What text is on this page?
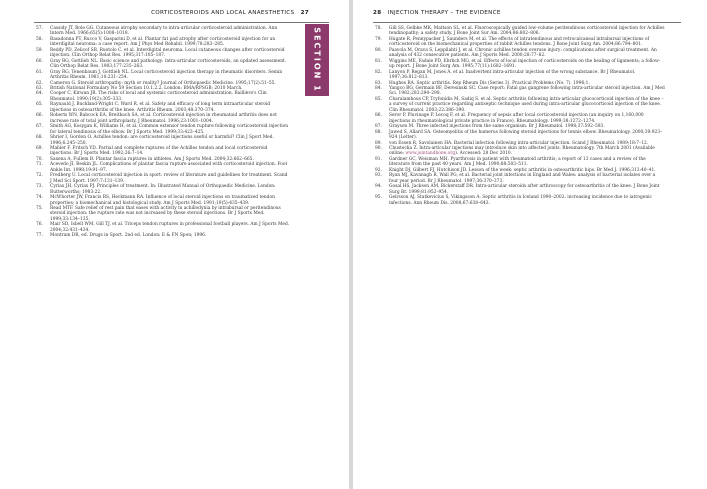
CORTICOSTEROIDS AND LOCAL ANAESTHETICS 27
SECTION 1
57.	Cassidy JT, Bole GG. Cutaneous atrophy secondary to intra-articular corticosteroid administration. Ann Intern Med. 1966;65(5):1008–1018.
58.	Basadonna PT, Rucco V, Gasparini D, et al. Plantar fat pad atrophy after corticosteroid injection for an interdigital neuroma: a case report. Am J Phys Med Rehabil. 1999;78:283–285.
59.	Reddy PD, Zelicof SB, Ruotolo C, et al. Interdigital neuroma. Local cutaneous changes after corticosteroid injection. Clin Orthop Relat Res. 1995;317:185–187.
60.	Gray RG, Gottlieb NL. Basic science and pathology: intra-articular corticosteroids, an updated assessment. Clin Orthop Relat Res. 1983;177:235–263.
61.	Gray RG, Tenenbaum J, Gottlieb NL. Local corticosteroid injection therapy in rheumatic disorders. Semin Arthritis Rheum. 1981;10:231–254.
62.	Cameron G. Steroid arthropathy: myth or reality? Journal of Orthopaedic Medicine. 1995;17(2):51–55.
63.	British National Formulary No 59 Section 10.1.2.2. London: BMA/RPSGB; 2010 March.
64.	Cooper C, Kirwan JR. The risks of local and systemic corticosteroid administration. Baillière's Clin Rheumatol. 1990;19(2):305–333.
65.	Raynauld J, Buckland-Wright C, Ward R, et al. Safety and efficacy of long term intraarticular steroid injections in osteoarthritis of the knee. Arthritis Rheum. 2003;48:370–374.
66.	Roberts WN, Babcock EA, Breitbach SA, et al. Corticosteroid injection in rheumatoid arthritis does not increase rate of total joint arthroplasty. J Rheumatol. 1996;23:1001–1004.
67.	Smith AG, Kosygan K, Williams H, et al. Common extensor tendon rupture following corticosteroid injection for lateral tendinosis of the elbow. Br J Sports Med. 1999;33:423–425.
68.	Shrier I, Gordon O. Achilles tendon: are corticosteroid injections useful or harmful? Clin J Sport Med. 1996;6:245–250.
69.	Mahler F, Fritsch YD. Partial and complete ruptures of the Achilles tendon and local corticosteroid injections. Br J Sports Med. 1992;26:7–14.
70.	Saxena A, Fullem B. Plantar fascia ruptures in athletes. Am J Sports Med. 2004;32:662–665.
71.	Acevedo JI, Beskin JL. Complications of plantar fascia rupture associated with corticosteroid injection. Foot Ankle Int. 1998;19:91–97.
72.	Fredberg U. Local corticosteroid injection in sport: review of literature and guidelines for treatment. Scand J Med Sci Sport. 1997;7:131–139.
73.	Cyriax JH, Cyriax PJ. Principles of treatment. In: Illustrated Manual of Orthopaedic Medicine. London: Butterworths; 1983:22.
74.	McWhorter JW, Francis RS, Heckmann RA. Influence of local steroid injections on traumatized tendon properties; a biomechanical and histological study. Am J Sports Med. 1991;19(5):435–439.
75.	Read MTF. Safe relief of rest pain that eases with activity in achillodynia by intrabursal or peritendinous steroid injection: the rupture rate was not increased by these steroid injections. Br J Sports Med. 1999;33:134–135.
76.	Mair SD, Isbell WM, Gill TJ, et al. Triceps tendon ruptures in professional football players. Am J Sports Med. 2004;32:431–434.
77.	Montram DR, ed. Drugs in Sport. 2nd ed. London: E & FN Spon; 1996.
28 INJECTION THERAPY – THE EVIDENCE
78.	Gill SS, Gelbke MK, Mattson SL, et al. Fluoroscopically guided low-volume peritendinous corticosteroid injection for Achilles tendinopathy; a safety study. J Bone Joint Sur Am. 2004;86:802–806.
79.	Hugate R, Pennypacker J, Saunders M, et al. The effects of intratendinous and retrocalcaneal intrabursal injections of corticosteroid on the biomechanical properties of rabbit Achilles tendons. J Bone Joint Surg Am. 2004;86:794–801.
80.	Paavola M, Orava S, Leppilahti J, et al. Chronic achilles tendon overuse injury: complications after surgical treatment. An analysis of 432 consecutive patients. Am J Sports Med. 2000;28:77–82.
81.	Wiggins ME, Fadale PD, Ehrlich MG, et al. Effects of local injection of corticosteroids on the healing of ligaments; a follow-up report. J Bone Joint Surg Am. 1995;77(11):1682–1691.
82.	Lanyon P, Regan M, Jones A, et al. Inadvertent intra-articular injection of the wrong substance. Br J Rheumatol. 1997;36:812–813.
83.	Hughes RA. Septic arthritis. Rep Rheum Dis (Series 3). Practical Problems (No. 7). 1996;1.
84.	Yangco BG, Germain BF, Deresinski SC. Case report: Fatal gas gangrene following intra-articular steroid injection. Am J Med Sci. 1982;283:294–298.
85.	Charalambous CP, Tryfonidis M, Sadiq S, et al. Septic arthritis following intra-articular glucocorticoid injection of the knee – a survey of current practice regarding antiseptic technique used during intra-articular glucocorticoid injection of the knee. Clin Rheumatol. 2003;22:386–390.
86.	Seror P, Pluvinage P, Lecoq F, et al. Frequency of sepsis after local corticosteroid injection (an inquiry on 1,160,000 injections in rheumatological private practice in France). Rheumatology. 1999;38:1272–1274.
87.	Grayson M. Three infected injections from the same organism. Br J Rheumatol. 1998;37:592–593.
88.	Jawed S, Allard SA. Osteomyelitis of the humerus following steroid injections for tennis elbow. Rheumatology. 2000;39:923–924 (Letter).
89.	von Essen R, Savolainen HA. Bacterial infection following intra-articular injection. Scand J Rheumatol. 1989;18:7–12.
90.	Chustecka Z. Intra-articular injections may introduce skin into affected joints. Rheumatology. 7th March 2001 (Available online: www.jointandbone.org). Accessed: 28 Dec 2010.
91.	Gardner GC, Weisman MH. Pyarthrosis in patient with rheumatoid arthritis; a report of 13 cases and a review of the literature from the past 40 years. Am J Med. 1990;88:503–511.
92.	Knight DJ, Gilbert FJ, Hutchison JD. Lesson of the week: septic arthritis in osteoarthritic hips. Br Med J. 1996;313:40–41.
93.	Ryan MJ, Kavanagh R, Wall PG, et al. Bacterial joint infections in England and Wales: analysis of bacterial isolates over a four year period. Br J Rheumatol. 1997;36:370–373.
94.	Gosal HS, Jackson AM, Bickerstaff DR. Intra-articular steroids after arthroscopy for osteoarthritis of the knee. J Bone Joint Surg Br. 1999;81:952–954.
95.	Geirsson AJ, Statkevicius S, Vikingsson A. Septic arthritis in Iceland 1990–2002: increasing incidence due to iatrogenic infections. Ann Rheum Dis. 2008;67:638–643.
